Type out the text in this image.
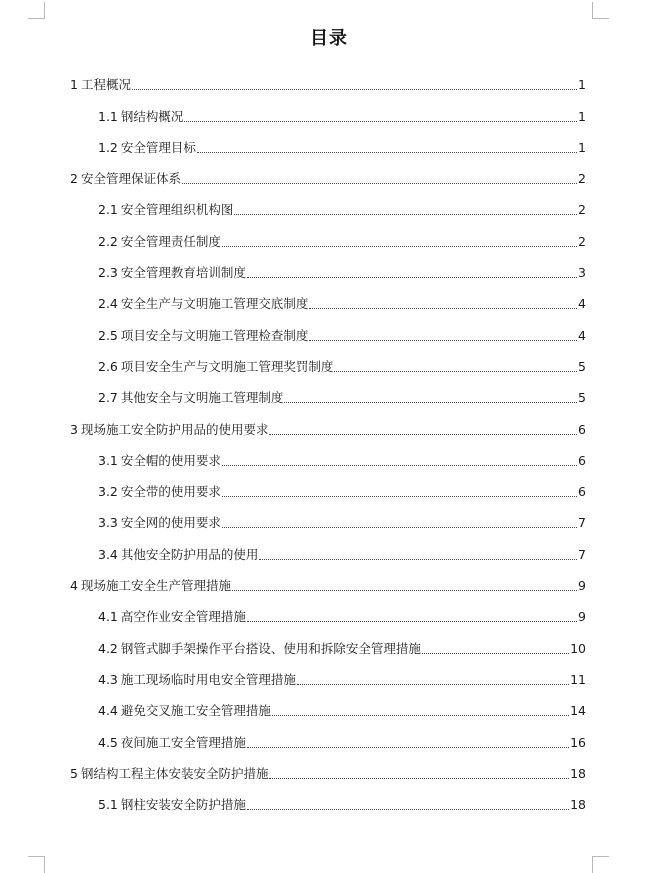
目录
1 工程概况	1
1.1 钢结构概况	1
1.2 安全管理目标	1
2 安全管理保证体系	2
2.1 安全管理组织机构图	2
2.2 安全管理责任制度	2
2.3 安全管理教育培训制度	3
2.4 安全生产与文明施工管理交底制度	4
2.5 项目安全与文明施工管理检查制度	4
2.6 项目安全生产与文明施工管理奖罚制度	5
2.7 其他安全与文明施工管理制度	5
3 现场施工安全防护用品的使用要求	6
3.1 安全帽的使用要求	6
3.2 安全带的使用要求	6
3.3 安全网的使用要求	7
3.4 其他安全防护用品的使用	7
4 现场施工安全生产管理措施	9
4.1 高空作业安全管理措施	9
4.2 钢管式脚手架操作平台搭设、使用和拆除安全管理措施	10
4.3 施工现场临时用电安全管理措施	11
4.4 避免交叉施工安全管理措施	14
4.5 夜间施工安全管理措施	16
5 钢结构工程主体安装安全防护措施	18
5.1 钢柱安装安全防护措施	18
